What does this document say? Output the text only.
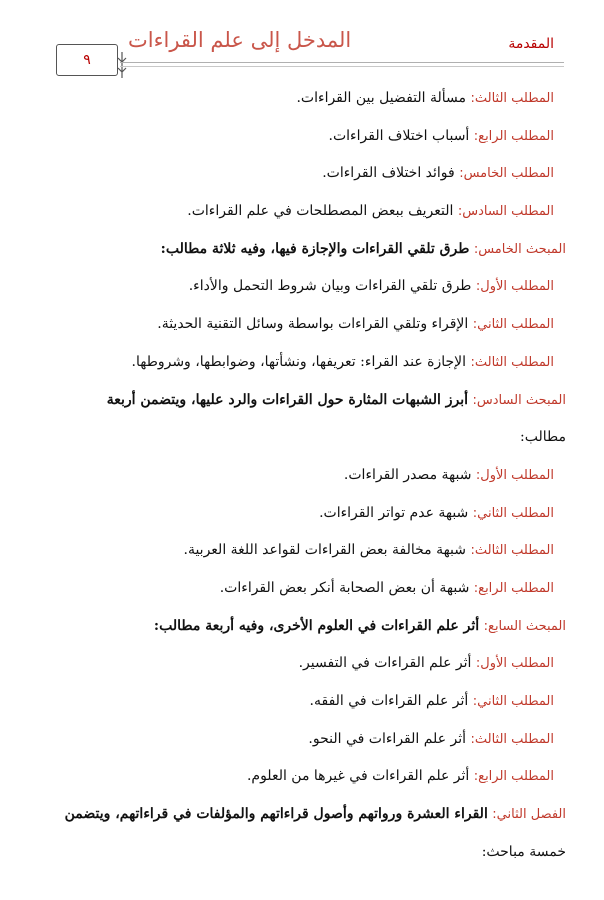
٩
المدخل إلى علم القراءات	المقدمة
المطلب الثالث: مسألة التفضيل بين القراءات.
المطلب الرابع: أسباب اختلاف القراءات.
المطلب الخامس: فوائد اختلاف القراءات.
المطلب السادس: التعريف ببعض المصطلحات في علم القراءات.
المبحث الخامس: طرق تلقي القراءات والإجازة فيها، وفيه ثلاثة مطالب:
المطلب الأول: طرق تلقي القراءات وبيان شروط التحمل والأداء.
المطلب الثاني: الإقراء وتلقي القراءات بواسطة وسائل التقنية الحديثة.
المطلب الثالث: الإجازة عند القراء: تعريفها، ونشأتها، وضوابطها، وشروطها.
المبحث السادس: أبرز الشبهات المثارة حول القراءات والرد عليها، ويتضمن أربعة
مطالب:
المطلب الأول: شبهة مصدر القراءات.
المطلب الثاني: شبهة عدم تواتر القراءات.
المطلب الثالث: شبهة مخالفة بعض القراءات لقواعد اللغة العربية.
المطلب الرابع: شبهة أن بعض الصحابة أنكر بعض القراءات.
المبحث السابع: أثر علم القراءات في العلوم الأخرى، وفيه أربعة مطالب:
المطلب الأول: أثر علم القراءات في التفسير.
المطلب الثاني: أثر علم القراءات في الفقه.
المطلب الثالث: أثر علم القراءات في النحو.
المطلب الرابع: أثر علم القراءات في غيرها من العلوم.
الفصل الثاني: القراء العشرة ورواتهم وأصول قراءاتهم والمؤلفات في قراءاتهم، ويتضمن
خمسة مباحث:
